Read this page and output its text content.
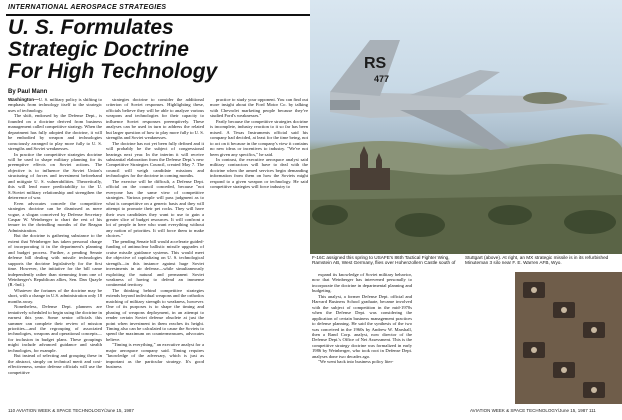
INTERNATIONAL AEROSPACE STRATEGIES
U. S. Formulates
Strategic Doctrine
For High Technology
By Paul Mann

Washington—U. S. military policy is shifting to emphasis from technology itself to the strategic uses of technology.

The shift, endorsed by the Defense Dept., is founded on a doctrine derived from business management called competitive strategy. When the department has fully adopted the doctrine, it will be embodied by weapon and technologies consciously arranged to play more fully to U. S. strengths and Soviet weaknesses.

In practice the competitive strategies doctrine will be used to shape military planning for its preemptive effects on Soviet actions. The objective is to influence the Soviet Union's structuring of forces and investment beforehand and mitigate U. S. vulnerabilities. Theoretically, this will lend more predictability to the U. S./Soviet military relationship and strengthen the deterrence of war.

Even advocates concede the competitive strategies doctrine can be dismissed as mere vogue, a slogan conceived by Defense Secretary Caspar W. Weinberger to chart the rest of his tenure in the dwindling months of the Reagan Administration.

But the doctrine is gathering substance to the extent that Weinberger has taken personal charge of incorporating it in the department's planning and budget process. Further, a pending Senate defense bill dealing with missile technologies supports the doctrine legislatively for the first time. However, the initiative for the bill came independently rather than stemming from one of Weinberger's Republican allies, Sen. Dan Quayle (R.-Ind.).

Whatever the fortunes of the doctrine may be short, with a change in U.S. administration only 18 months away.

Nonetheless, Defense Dept. planners are tentatively scheduled to begin using the doctrine in earnest this year. Some senior officials this summer can complete their review of mission priorities—and the regrouping of associated technologies, weapons and operational concepts—for inclusion in budget plans. These groupings might include advanced guidance and stealth technologies, for example.

But instead of selecting and grouping these in the abstract, simply on technical merit and cost-effectiveness, senior defense officials will use the competitive

strategies doctrine to consider the additional criterion of Soviet responses. Highlighting these, officials believe they will be able to analyze various weapons and technologies for their capacity to influence Soviet responses preemptively. These analyses can be used in turn to address the related but larger question of how to play more fully to U. S. strengths and Soviet weaknesses.

The doctrine has not yet been fully defined and it will probably be the subject of congressional hearings next year. In the interim it will receive substantial elaboration from the Defense Dept.'s new Competitive Strategies Council, created May 7. The council will weigh candidate missions and technologies for the doctrine in coming months.

The exercise will be difficult, a Defense Dept. official on the council conceded, because "not everyone has the same view of competitive strategies. Various people will pass judgment as to what is competitive on a generic basis and they will attempt to promote their pet rocks. They will have their own candidates they want to use to gain a greater slice of budget resources. It will confront a lot of people in here who want everything without any notion of priorities. It will force them to make choices."

The pending Senate bill would accelerate guided-funding of antinuclear ballistic missile upgrades of cruise missile guidance systems. This would meet the objective of capitalizing on U. S. technological strength—in this instance against huge Soviet investments in air defense—while simultaneously exploiting the natural and permanent Soviet weakness of having to defend an immense continental territory.

The thinking behind competitive strategies extends beyond individual weapons and the orthodox matching of military strength to weakness, however. One of its purposes is to shape the timing and phasing of weapons deployment, in an attempt to render certain Soviet defense obsolete at just the point when investment in them reaches its height. Timing also can be calculated to cause the Soviets to spend the maximum on countermeasures, advocates believe.

"Timing is everything," an executive analyst for a major aerospace company said. Timing requires "knowledge of the adversary, which is just as important as the particular strategy. It's good business

practice to study your opponent. You can find out more insight about the Ford Motor Co. by talking with Chevrolet marketing people because they've studied Ford's weaknesses."

Partly because the competitive strategies doctrine is incomplete, industry reaction to it so far has been mixed. A Texas Instruments official said his company had decided, at least for the time being, not to act on it because in the company's view it contains no new ideas or incentives to industry. "We've not been given any specifics," he said.

In contrast, the executive aerospace analyst said military contractors will have to deal with the doctrine when the armed services begin demanding information from them on how the Soviets might respond to a given weapon or technology. He said competitive strategies will force industry to

RS
477
F-16C assigned this spring to USAFE's 86th Tactical Fighter Wing, Ramstein AB, West Germany, flies over Hohenzollern Castle south of Stuttgart (above). At right, an MX strategic missile is in its refurbished Minuteman 3 silo near F. E. Warren AFB, Wyo.

expand its knowledge of Soviet military behavior, now that Weinberger has intervened personally to incorporate the doctrine in departmental planning and budgeting.

This analyst, a former Defense Dept. official and Harvard Business School graduate, became involved with the subject of competition in the mid-1970s when the Defense Dept. was considering the application of certain business management practices to defense planning. He said the synthesis of the two was conceived in the 1960s by Andrew W. Marshall, then a Rand Corp. analyst, now director of the Defense Dept.'s Office of Net Assessment. This is the competitive strategy doctrine was formalized in early 1986 by Weinberger, who took root in Defense Dept. analyses done two decades ago.

"We went back into business policy liter-

110 AVIATION WEEK & SPACE TECHNOLOGY/June 15, 1987	AVIATION WEEK & SPACE TECHNOLOGY/June 15, 1987 111
